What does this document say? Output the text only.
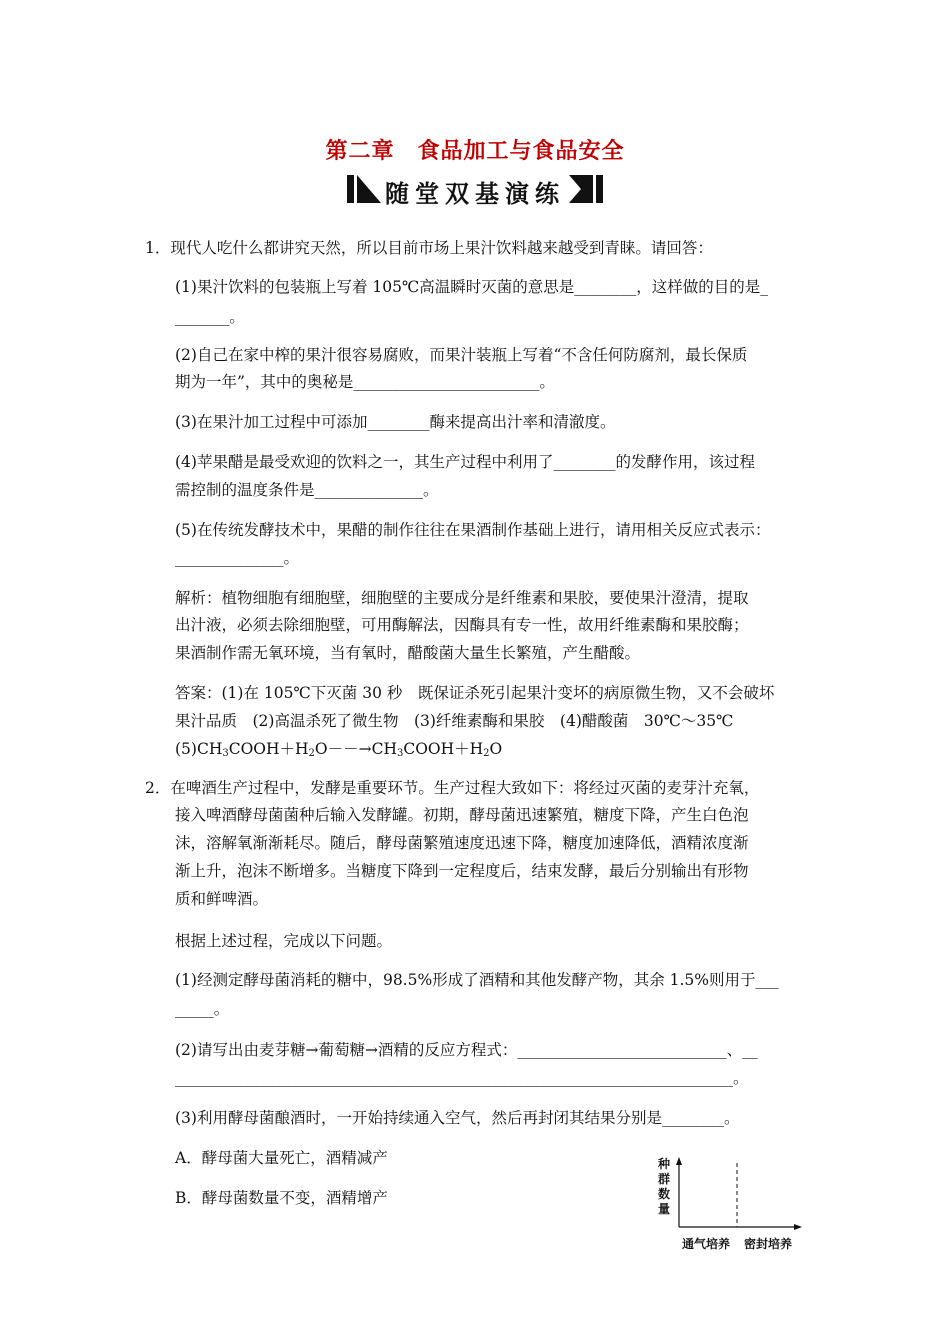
第二章　食品加工与食品安全
随堂双基演练
1．现代人吃什么都讲究天然，所以目前市场上果汁饮料越来越受到青睐。请回答：
(1)果汁饮料的包装瓶上写着 105℃高温瞬时灭菌的意思是________，这样做的目的是_
_______。
(2)自己在家中榨的果汁很容易腐败，而果汁装瓶上写着“不含任何防腐剂，最长保质
期为一年”，其中的奥秘是________________________。
(3)在果汁加工过程中可添加________酶来提高出汁率和清澈度。
(4)苹果醋是最受欢迎的饮料之一，其生产过程中利用了________的发酵作用，该过程
需控制的温度条件是______________。
(5)在传统发酵技术中，果醋的制作往往在果酒制作基础上进行，请用相关反应式表示：
______________。
解析：植物细胞有细胞壁，细胞壁的主要成分是纤维素和果胶，要使果汁澄清，提取
出汁液，必须去除细胞壁，可用酶解法，因酶具有专一性，故用纤维素酶和果胶酶；
果酒制作需无氧环境，当有氧时，醋酸菌大量生长繁殖，产生醋酸。
答案：(1)在 105℃下灭菌 30 秒　既保证杀死引起果汁变坏的病原微生物，又不会破坏
果汁品质　(2)高温杀死了微生物　(3)纤维素酶和果胶　(4)醋酸菌　30℃～35℃
2．在啤酒生产过程中，发酵是重要环节。生产过程大致如下：将经过灭菌的麦芽汁充氧，
接入啤酒酵母菌菌种后输入发酵罐。初期，酵母菌迅速繁殖，糖度下降，产生白色泡
沫，溶解氧渐渐耗尽。随后，酵母菌繁殖速度迅速下降，糖度加速降低，酒精浓度渐
渐上升，泡沫不断增多。当糖度下降到一定程度后，结束发酵，最后分别输出有形物
质和鲜啤酒。
根据上述过程，完成以下问题。
(1)经测定酵母菌消耗的糖中，98.5%形成了酒精和其他发酵产物，其余 1.5%则用于___
_____。
(2)请写出由麦芽糖→葡萄糖→酒精的反应方程式：___________________________、__
________________________________________________________________________。
(3)利用酵母菌酿酒时，一开始持续通入空气，然后再封闭其结果分别是________。
A．酵母菌大量死亡，酒精减产
B．酵母菌数量不变，酒精增产
$(5)CH_3COOH+H_2O--\to CH_3COOH+H_2O$
种群数量
通气培养 密封培养
